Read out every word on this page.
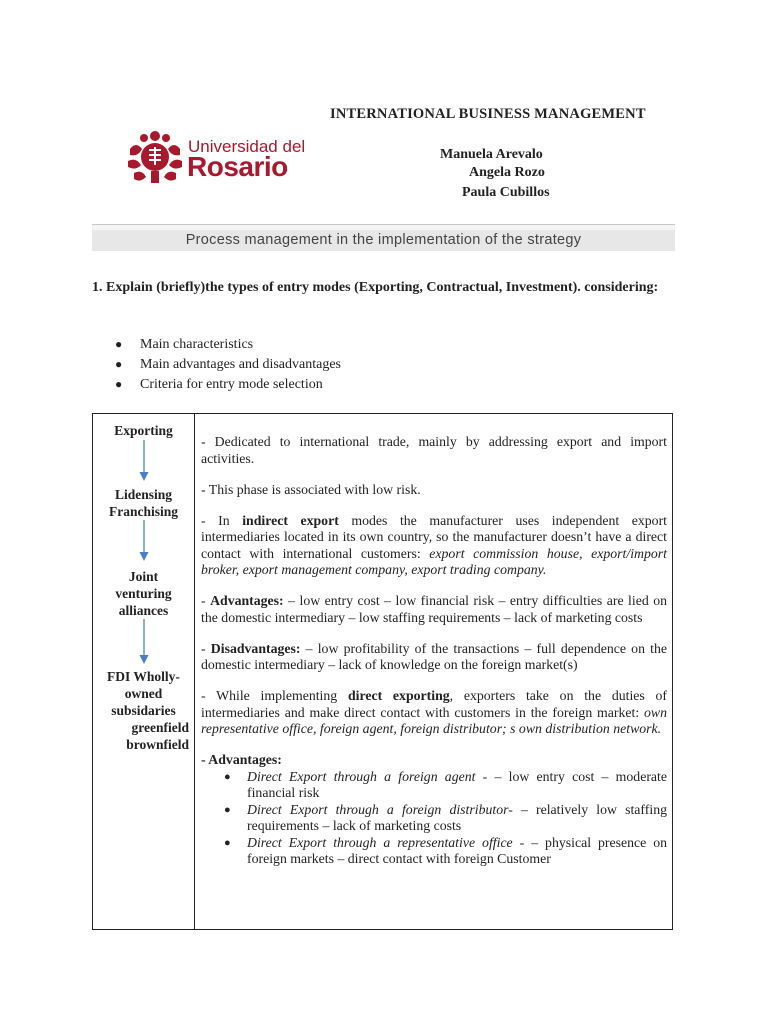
INTERNATIONAL BUSINESS MANAGEMENT
Universidad del
Rosario	Manuela Arevalo
Angela Rozo
Paula Cubillos
Process management in the implementation of the strategy
1. Explain (briefly)the types of entry modes (Exporting, Contractual, Investment). considering:
● Main characteristics
● Main advantages and disadvantages
● Criteria for entry mode selection
Exporting
Lidensing
Franchising
Joint
venturing
alliances
FDI Wholly-
owned
subsidaries
greenfield
brownfield

- Dedicated to international trade, mainly by addressing export and import activities.

- This phase is associated with low risk.

- In indirect export modes the manufacturer uses independent export intermediaries located in its own country, so the manufacturer doesn’t have a direct contact with international customers: export commission house, export/import broker, export management company, export trading company.

- Advantages: – low entry cost – low financial risk – entry difficulties are lied on the domestic intermediary – low staffing requirements – lack of marketing costs

- Disadvantages: – low profitability of the transactions – full dependence on the domestic intermediary – lack of knowledge on the foreign market(s)

- While implementing direct exporting, exporters take on the duties of intermediaries and make direct contact with customers in the foreign market: own representative office, foreign agent, foreign distributor; s own distribution network.

- Advantages:

● Direct Export through a foreign agent - – low entry cost – moderate financial risk
● Direct Export through a foreign distributor- – relatively low staffing requirements – lack of marketing costs
● Direct Export through a representative office - – physical presence on foreign markets – direct contact with foreign Customer
